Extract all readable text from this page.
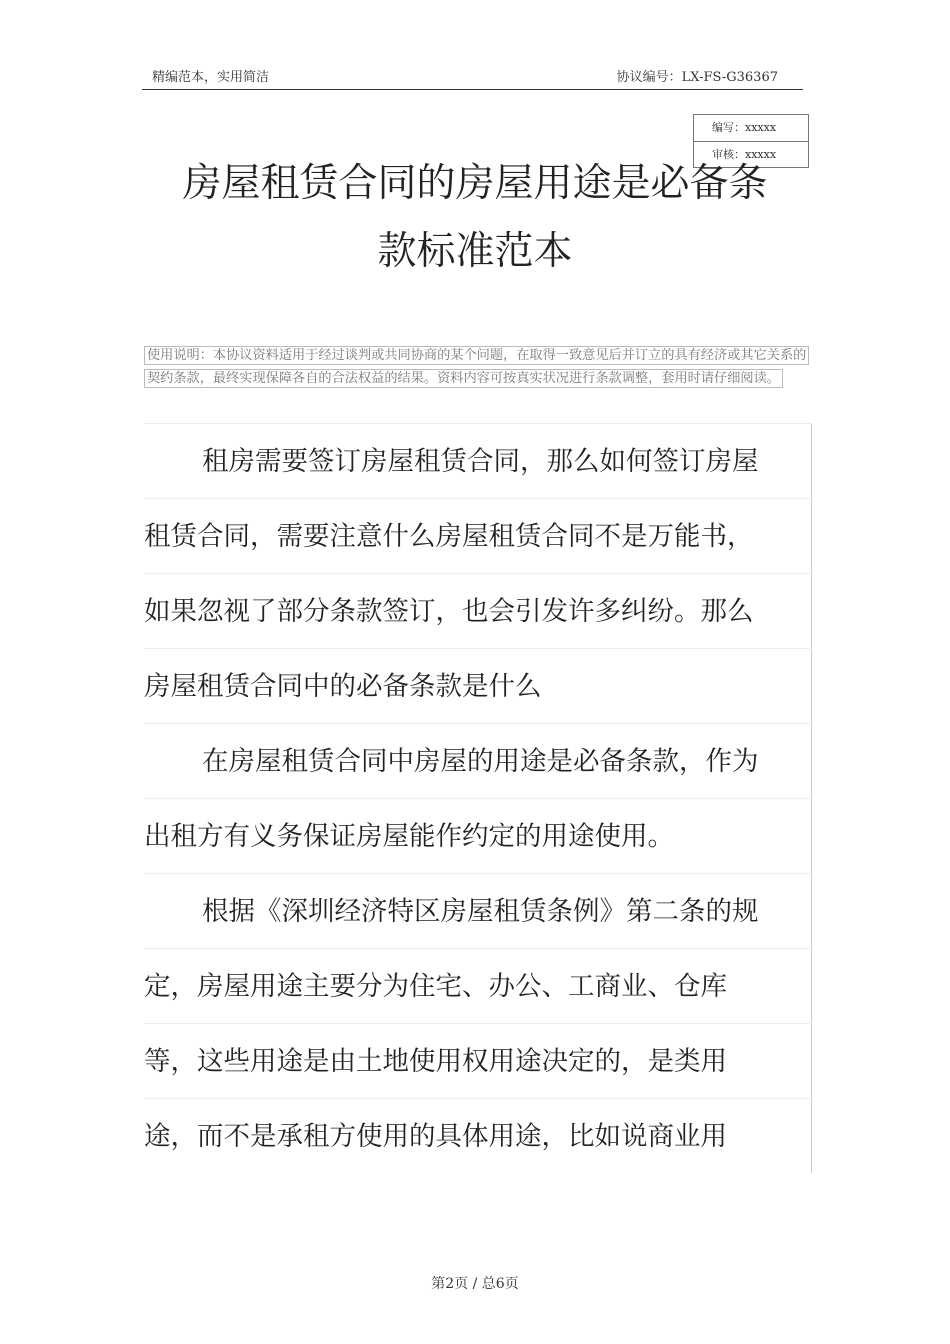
精编范本，实用简洁	协议编号：LX-FS-G36367
编写：xxxxx
审核：xxxxx
房屋租赁合同的房屋用途是必备条
款标准范本
使用说明：本协议资料适用于经过谈判或共同协商的某个问题，在取得一致意见后并订立的具有经济或其它关系的契约条款，最终实现保障各自的合法权益的结果。资料内容可按真实状况进行条款调整，套用时请仔细阅读。
租房需要签订房屋租赁合同，那么如何签订房屋
租赁合同，需要注意什么房屋租赁合同不是万能书，
如果忽视了部分条款签订，也会引发许多纠纷。那么
房屋租赁合同中的必备条款是什么
在房屋租赁合同中房屋的用途是必备条款，作为
出租方有义务保证房屋能作约定的用途使用。
根据《深圳经济特区房屋租赁条例》第二条的规
定，房屋用途主要分为住宅、办公、工商业、仓库
等，这些用途是由土地使用权用途决定的，是类用
途，而不是承租方使用的具体用途，比如说商业用
第2页 / 总6页
